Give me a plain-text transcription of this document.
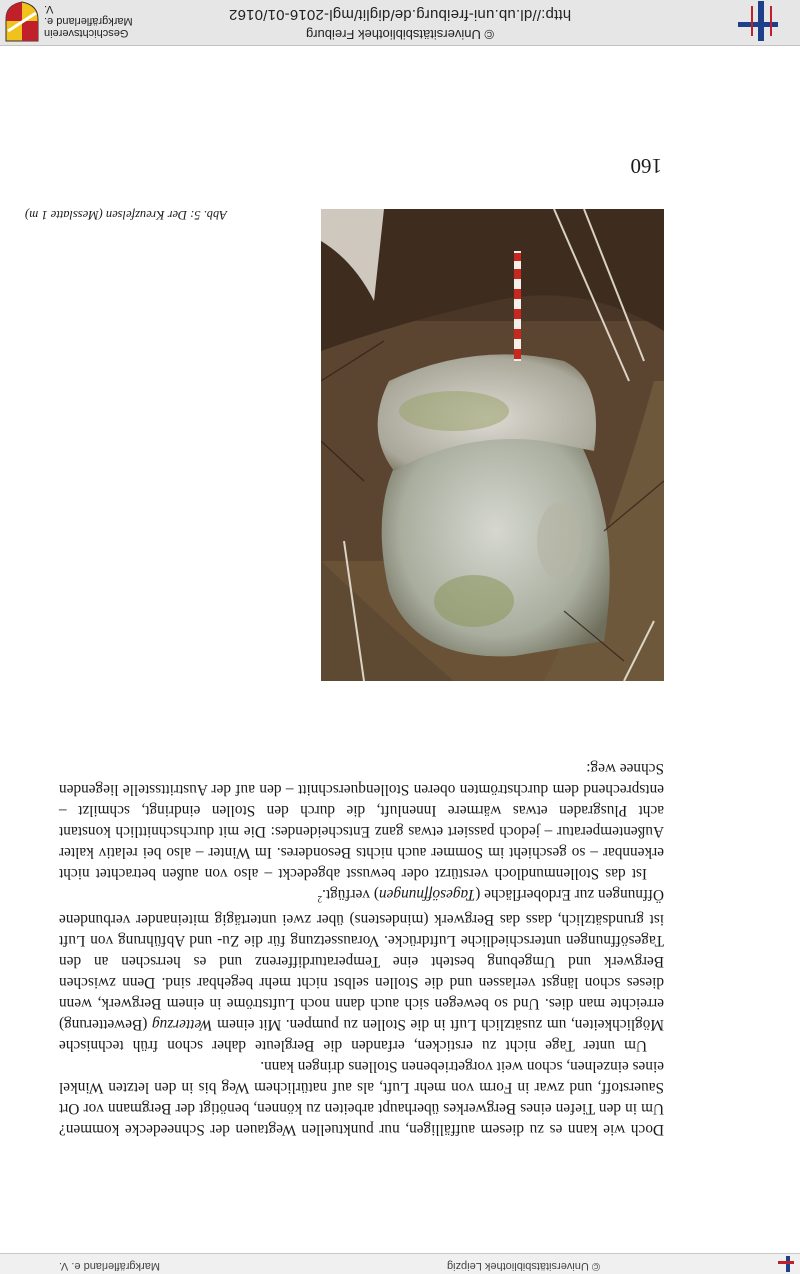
© Universitätsbibliothek Leipzig
Markgräflerland e. V.
160

Doch wie kann es zu diesem auffälligen, nur punktuellen Wegtauen der Schneedecke kommen? Um in den Tiefen eines Bergwerkes überhaupt arbeiten zu können, benötigt der Bergmann vor Ort Sauerstoff, und zwar in Form von mehr Luft, als auf natürlichem Weg bis in den letzten Winkel eines einzelnen, schon weit vorgetriebenen Stollens dringen kann.

Um unter Tage nicht zu ersticken, erfanden die Bergleute daher schon früh technische Möglichkeiten, um zusätzlich Luft in die Stollen zu pumpen. Mit einem Wetterzug (Bewetterung) erreichte man dies. Und so bewegen sich auch dann noch Luftströme in einem Bergwerk, wenn dieses schon längst verlassen und die Stollen selbst nicht mehr begehbar sind. Denn zwischen Bergwerk und Umgebung besteht eine Temperaturdifferenz und es herrschen an den Tagesöffnungen unterschiedliche Luftdrücke. Voraussetzung für die Zu- und Abführung von Luft ist grundsätzlich, dass das Bergwerk (mindestens) über zwei untertägig miteinander verbundene Öffnungen zur Erdoberfläche (Tagesöffnungen) verfügt.$^2$

Ist das Stollenmundloch verstürzt oder bewusst abgedeckt – also von außen betrachtet nicht erkennbar – so geschieht im Sommer auch nichts Besonderes. Im Winter – also bei relativ kalter Außentemperatur – jedoch passiert etwas ganz Entscheidendes: Die mit durchschnittlich konstant acht Plusgraden etwas wärmere Innenluft, die durch den Stollen eindringt, schmilzt – entsprechend dem durchströmten oberen Stollenquerschnitt – den auf der Austrittsstelle liegenden Schnee weg:

Abb. 5: Der Kreuzfelsen (Messlatte 1 m)
© Universitätsbibliothek Freiburg
http://dl.ub.uni-freiburg.de/diglit/mgl-2016-01/0162
Geschichtsverein
Markgräflerland e. V.
